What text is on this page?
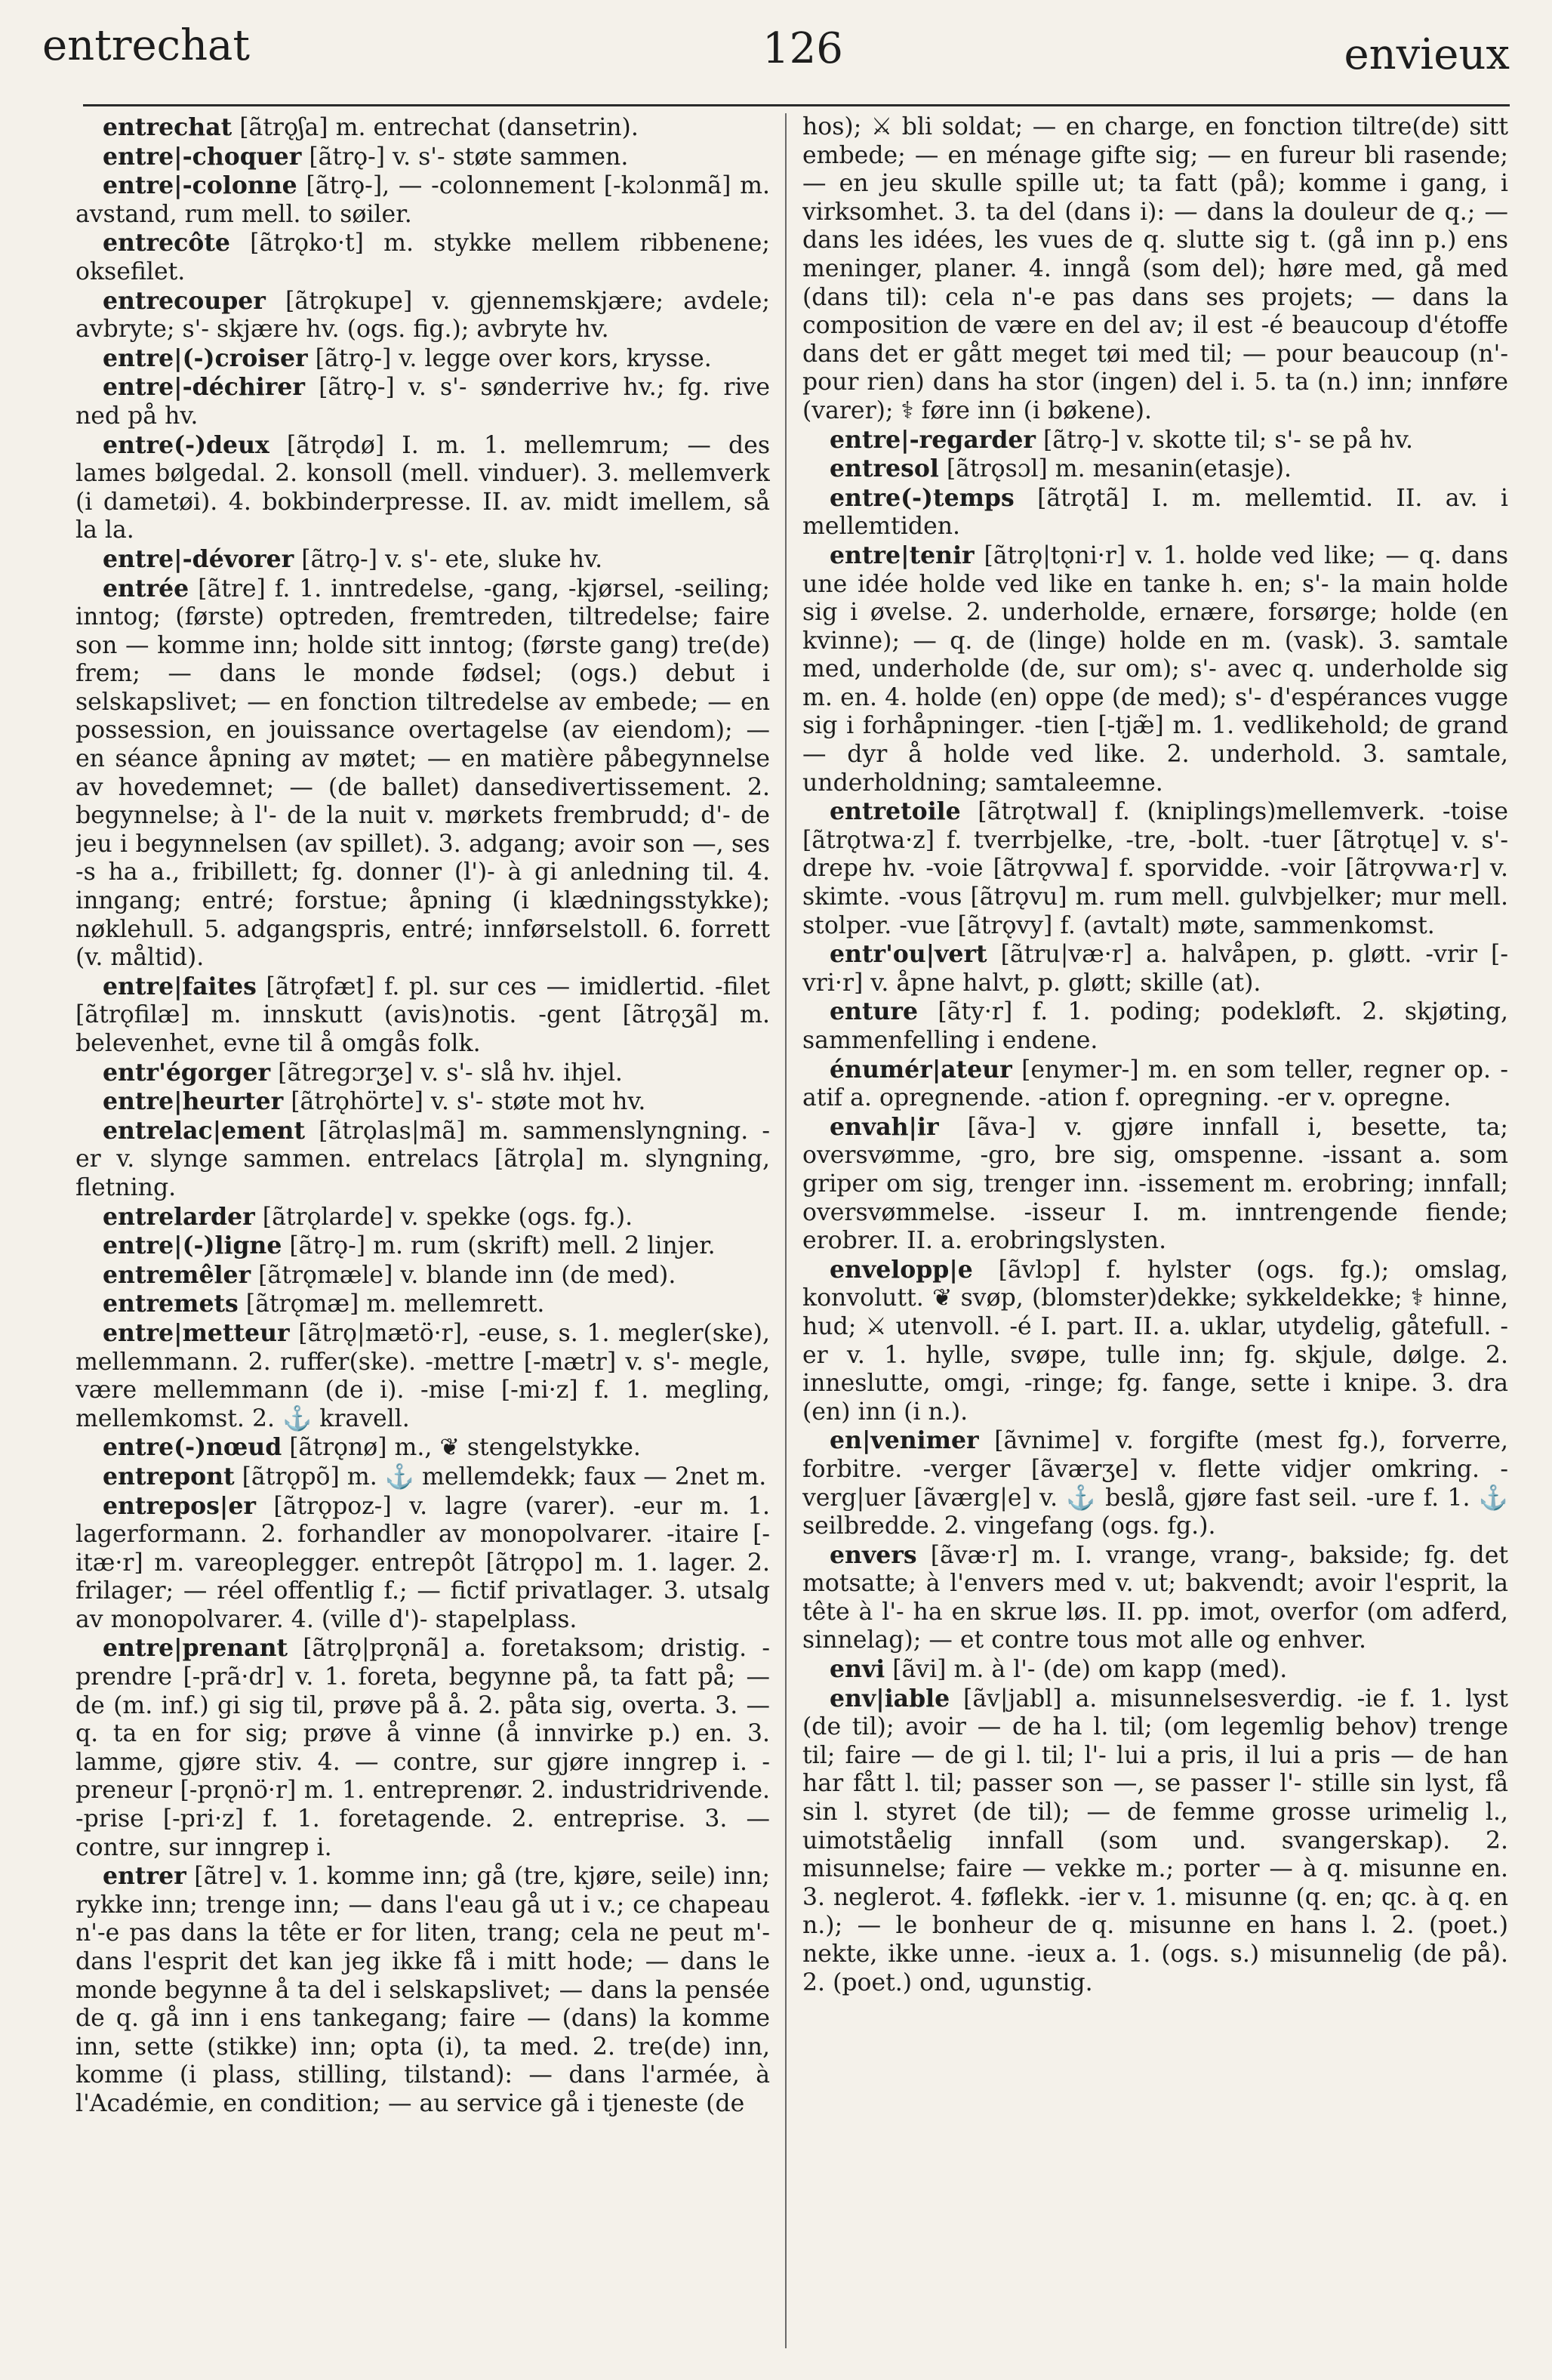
entrechat	126	envieux

entrechat [ãtrǫʃa] m. entrechat (dansetrin).

entre|-choquer [ãtrǫ-] v. s'- støte sammen.

entre|-colonne [ãtrǫ-], — -colonnement [-kɔlɔnmã] m. avstand, rum mell. to søiler.

entrecôte [ãtrǫko·t] m. stykke mellem ribbenene; oksefilet.

entrecouper [ãtrǫkupe] v. gjennemskjære; avdele; avbryte; s'- skjære hv. (ogs. fig.); avbryte hv.

entre|(-)croiser [ãtrǫ-] v. legge over kors, krysse.

entre|-déchirer [ãtrǫ-] v. s'- sønderrive hv.; fg. rive ned på hv.

entre(-)deux [ãtrǫdø] I. m. 1. mellemrum; — des lames bølgedal. 2. konsoll (mell. vinduer). 3. mellemverk (i dametøi). 4. bokbinderpresse. II. av. midt imellem, så la la.

entre|-dévorer [ãtrǫ-] v. s'- ete, sluke hv.

entrée [ãtre] f. 1. inntredelse, -gang, -kjørsel, -seiling; inntog; (første) optreden, fremtreden, tiltredelse; faire son — komme inn; holde sitt inntog; (første gang) tre(de) frem; — dans le monde fødsel; (ogs.) debut i selskapslivet; — en fonction tiltredelse av embede; — en possession, en jouissance overtagelse (av eiendom); — en séance åpning av møtet; — en matière påbegynnelse av hovedemnet; — (de ballet) dansedivertissement. 2. begynnelse; à l'- de la nuit v. mørkets frembrudd; d'- de jeu i begynnelsen (av spillet). 3. adgang; avoir son —, ses -s ha a., fribillett; fg. donner (l')- à gi anledning til. 4. inngang; entré; forstue; åpning (i klædningsstykke); nøklehull. 5. adgangspris, entré; innførselstoll. 6. forrett (v. måltid).

entre|faites [ãtrǫfæt] f. pl. sur ces — imidlertid. -filet [ãtrǫfilæ] m. innskutt (avis)notis. -gent [ãtrǫʒã] m. belevenhet, evne til å omgås folk.

entr'égorger [ãtregɔrʒe] v. s'- slå hv. ihjel.

entre|heurter [ãtrǫhörte] v. s'- støte mot hv.

entrelac|ement [ãtrǫlas|mã] m. sammenslyngning. -er v. slynge sammen. entrelacs [ãtrǫla] m. slyngning, fletning.

entrelarder [ãtrǫlarde] v. spekke (ogs. fg.).

entre|(-)ligne [ãtrǫ-] m. rum (skrift) mell. 2 linjer.

entremêler [ãtrǫmæle] v. blande inn (de med).

entremets [ãtrǫmæ] m. mellemrett.

entre|metteur [ãtrǫ|mætö·r], -euse, s. 1. megler(ske), mellemmann. 2. ruffer(ske). -mettre [-mætr] v. s'- megle, være mellemmann (de i). -mise [-mi·z] f. 1. megling, mellemkomst. 2. ⚓ kravell.

entre(-)nœud [ãtrǫnø] m., ❦ stengelstykke.

entrepont [ãtrǫpõ] m. ⚓ mellemdekk; faux — 2net m.

entrepos|er [ãtrǫpoz-] v. lagre (varer). -eur m. 1. lagerformann. 2. forhandler av monopolvarer. -itaire [-itæ·r] m. vareoplegger. entrepôt [ãtrǫpo] m. 1. lager. 2. frilager; — réel offentlig f.; — fictif privatlager. 3. utsalg av monopolvarer. 4. (ville d')- stapelplass.

entre|prenant [ãtrǫ|prǫnã] a. foretaksom; dristig. -prendre [-prã·dr] v. 1. foreta, begynne på, ta fatt på; — de (m. inf.) gi sig til, prøve på å. 2. påta sig, overta. 3. — q. ta en for sig; prøve å vinne (å innvirke p.) en. 3. lamme, gjøre stiv. 4. — contre, sur gjøre inngrep i. -preneur [-prǫnö·r] m. 1. entreprenør. 2. industridrivende. -prise [-pri·z] f. 1. foretagende. 2. entreprise. 3. — contre, sur inngrep i.

entrer [ãtre] v. 1. komme inn; gå (tre, kjøre, seile) inn; rykke inn; trenge inn; — dans l'eau gå ut i v.; ce chapeau n'-e pas dans la tête er for liten, trang; cela ne peut m'- dans l'esprit det kan jeg ikke få i mitt hode; — dans le monde begynne å ta del i selskapslivet; — dans la pensée de q. gå inn i ens tankegang; faire — (dans) la komme inn, sette (stikke) inn; opta (i), ta med. 2. tre(de) inn, komme (i plass, stilling, tilstand): — dans l'armée, à l'Académie, en condition; — au service gå i tjeneste (de

hos); ⚔ bli soldat; — en charge, en fonction tiltre(de) sitt embede; — en ménage gifte sig; — en fureur bli rasende; — en jeu skulle spille ut; ta fatt (på); komme i gang, i virksomhet. 3. ta del (dans i): — dans la douleur de q.; — dans les idées, les vues de q. slutte sig t. (gå inn p.) ens meninger, planer. 4. inngå (som del); høre med, gå med (dans til): cela n'-e pas dans ses projets; — dans la composition de være en del av; il est -é beaucoup d'étoffe dans det er gått meget tøi med til; — pour beaucoup (n'- pour rien) dans ha stor (ingen) del i. 5. ta (n.) inn; innføre (varer); ⚕ føre inn (i bøkene).

entre|-regarder [ãtrǫ-] v. skotte til; s'- se på hv.

entresol [ãtrǫsɔl] m. mesanin(etasje).

entre(-)temps [ãtrǫtã] I. m. mellemtid. II. av. i mellemtiden.

entre|tenir [ãtrǫ|tǫni·r] v. 1. holde ved like; — q. dans une idée holde ved like en tanke h. en; s'- la main holde sig i øvelse. 2. underholde, ernære, forsørge; holde (en kvinne); — q. de (linge) holde en m. (vask). 3. samtale med, underholde (de, sur om); s'- avec q. underholde sig m. en. 4. holde (en) oppe (de med); s'- d'espérances vugge sig i forhåpninger. -tien [-tjæ̃] m. 1. vedlikehold; de grand — dyr å holde ved like. 2. underhold. 3. samtale, underholdning; samtaleemne.

entretoile [ãtrǫtwal] f. (kniplings)mellemverk. -toise [ãtrǫtwa·z] f. tverrbjelke, -tre, -bolt. -tuer [ãtrǫtųe] v. s'- drepe hv. -voie [ãtrǫvwa] f. sporvidde. -voir [ãtrǫvwa·r] v. skimte. -vous [ãtrǫvu] m. rum mell. gulvbjelker; mur mell. stolper. -vue [ãtrǫvy] f. (avtalt) møte, sammenkomst.

entr'ou|vert [ãtru|væ·r] a. halvåpen, p. gløtt. -vrir [-vri·r] v. åpne halvt, p. gløtt; skille (at).

enture [ãty·r] f. 1. poding; podekløft. 2. skjøting, sammenfelling i endene.

énumér|ateur [enymer-] m. en som teller, regner op. -atif a. opregnende. -ation f. opregning. -er v. opregne.

envah|ir [ãva-] v. gjøre innfall i, besette, ta; oversvømme, -gro, bre sig, omspenne. -issant a. som griper om sig, trenger inn. -issement m. erobring; innfall; oversvømmelse. -isseur I. m. inntrengende fiende; erobrer. II. a. erobringslysten.

envelopp|e [ãvlɔp] f. hylster (ogs. fg.); omslag, konvolutt. ❦ svøp, (blomster)dekke; sykkeldekke; ⚕ hinne, hud; ⚔ utenvoll. -é I. part. II. a. uklar, utydelig, gåtefull. -er v. 1. hylle, svøpe, tulle inn; fg. skjule, dølge. 2. inneslutte, omgi, -ringe; fg. fange, sette i knipe. 3. dra (en) inn (i n.).

en|venimer [ãvnime] v. forgifte (mest fg.), forverre, forbitre. -verger [ãværʒe] v. flette vidjer omkring. -verg|uer [ãværg|e] v. ⚓ beslå, gjøre fast seil. -ure f. 1. ⚓ seilbredde. 2. vingefang (ogs. fg.).

envers [ãvæ·r] m. I. vrange, vrang-, bakside; fg. det motsatte; à l'envers med v. ut; bakvendt; avoir l'esprit, la tête à l'- ha en skrue løs. II. pp. imot, overfor (om adferd, sinnelag); — et contre tous mot alle og enhver.

envi [ãvi] m. à l'- (de) om kapp (med).

env|iable [ãv|jabl] a. misunnelsesverdig. -ie f. 1. lyst (de til); avoir — de ha l. til; (om legemlig behov) trenge til; faire — de gi l. til; l'- lui a pris, il lui a pris — de han har fått l. til; passer son —, se passer l'- stille sin lyst, få sin l. styret (de til); — de femme grosse urimelig l., uimotståelig innfall (som und. svangerskap). 2. misunnelse; faire — vekke m.; porter — à q. misunne en. 3. neglerot. 4. føflekk. -ier v. 1. misunne (q. en; qc. à q. en n.); — le bonheur de q. misunne en hans l. 2. (poet.) nekte, ikke unne. -ieux a. 1. (ogs. s.) misunnelig (de på). 2. (poet.) ond, ugunstig.
